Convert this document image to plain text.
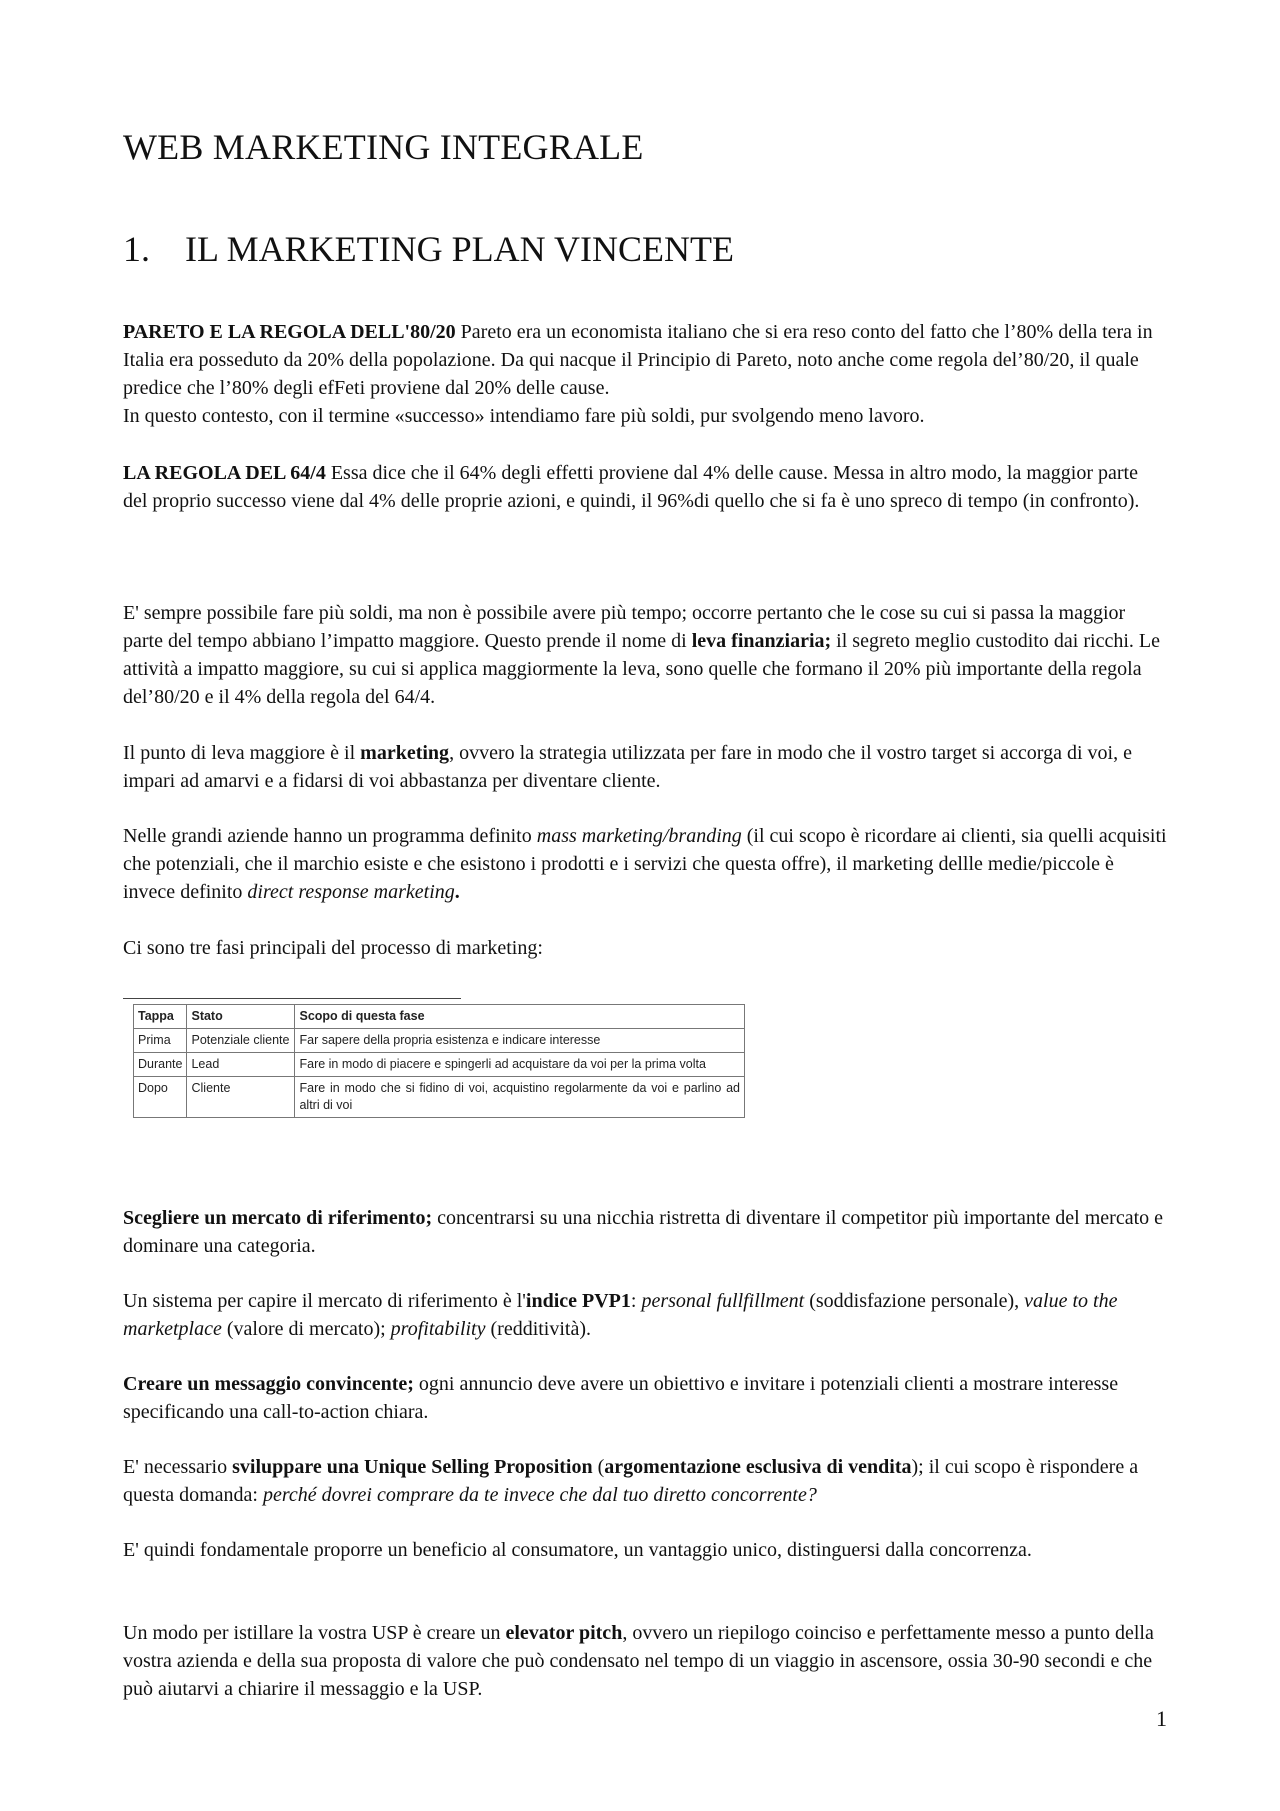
WEB MARKETING INTEGRALE
1. IL MARKETING PLAN VINCENTE

PARETO E LA REGOLA DELL'80/20 Pareto era un economista italiano che si era reso conto del fatto che l’80% della tera in Italia era posseduto da 20% della popolazione. Da qui nacque il Principio di Pareto, noto anche come regola del’80/20, il quale predice che l’80% degli efFeti proviene dal 20% delle cause.

In questo contesto, con il termine «successo» intendiamo fare più soldi, pur svolgendo meno lavoro.

LA REGOLA DEL 64/4 Essa dice che il 64% degli effetti proviene dal 4% delle cause. Messa in altro modo, la maggior parte del proprio successo viene dal 4% delle proprie azioni, e quindi, il 96%di quello che si fa è uno spreco di tempo (in confronto).

E' sempre possibile fare più soldi, ma non è possibile avere più tempo; occorre pertanto che le cose su cui si passa la maggior parte del tempo abbiano l’impatto maggiore. Questo prende il nome di leva finanziaria; il segreto meglio custodito dai ricchi. Le attività a impatto maggiore, su cui si applica maggiormente la leva, sono quelle che formano il 20% più importante della regola del’80/20 e il 4% della regola del 64/4.

Il punto di leva maggiore è il marketing, ovvero la strategia utilizzata per fare in modo che il vostro target si accorga di voi, e impari ad amarvi e a fidarsi di voi abbastanza per diventare cliente.

Nelle grandi aziende hanno un programma definito mass marketing/branding (il cui scopo è ricordare ai clienti, sia quelli acquisiti che potenziali, che il marchio esiste e che esistono i prodotti e i servizi che questa offre), il marketing dellle medie/piccole è invece definito direct response marketing.

Ci sono tre fasi principali del processo di marketing:

Tappa	Stato	Scopo di questa fase
Prima	Potenziale cliente	Far sapere della propria esistenza e indicare interesse
Durante	Lead	Fare in modo di piacere e spingerli ad acquistare da voi per la prima volta
Dopo	Cliente	Fare in modo che si fidino di voi, acquistino regolarmente da voi e parlino ad altri di voi

Scegliere un mercato di riferimento; concentrarsi su una nicchia ristretta di diventare il competitor più importante del mercato e dominare una categoria.

Un sistema per capire il mercato di riferimento è l'indice PVP1: personal fullfillment (soddisfazione personale), value to the marketplace (valore di mercato); profitability (redditività).

Creare un messaggio convincente; ogni annuncio deve avere un obiettivo e invitare i potenziali clienti a mostrare interesse specificando una call-to-action chiara.

E' necessario sviluppare una Unique Selling Proposition (argomentazione esclusiva di vendita); il cui scopo è rispondere a questa domanda: perché dovrei comprare da te invece che dal tuo diretto concorrente?

E' quindi fondamentale proporre un beneficio al consumatore, un vantaggio unico, distinguersi dalla concorrenza.

Un modo per istillare la vostra USP è creare un elevator pitch, ovvero un riepilogo coinciso e perfettamente messo a punto della vostra azienda e della sua proposta di valore che può condensato nel tempo di un viaggio in ascensore, ossia 30-90 secondi e che può aiutarvi a chiarire il messaggio e la USP.

1
